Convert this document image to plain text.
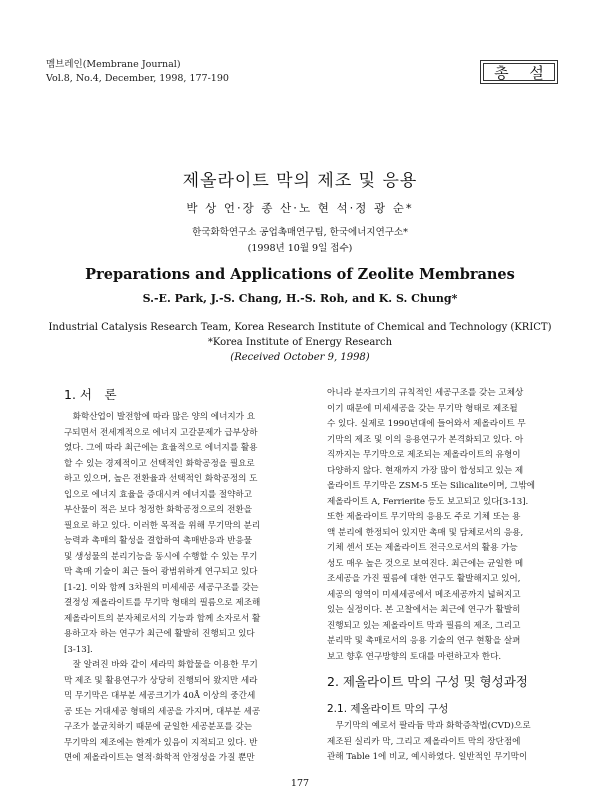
멤브레인(Membrane Journal)
Vol.8, No.4, December, 1998, 177-190	총 설
제올라이트 막의 제조 및 응용
박 상 언·장 종 산·노 현 석·정 광 순*
한국화학연구소 공업촉매연구팀, 한국에너지연구소*
(1998년 10월 9일 접수)
Preparations and Applications of Zeolite Membranes
S.-E. Park, J.-S. Chang, H.-S. Roh, and K. S. Chung*
Industrial Catalysis Research Team, Korea Research Institute of Chemical and Technology (KRICT)
*Korea Institute of Energy Research
(Received October 9, 1998)
1. 서　론

　화학산업이 발전함에 따라 많은 양의 에너지가 요

구되면서 전세계적으로 에너지 고갈문제가 급부상하

였다. 그에 따라 최근에는 효율적으로 에너지를 활용

할 수 있는 경제적이고 선택적인 화학공정을 필요로

하고 있으며, 높은 전환율과 선택적인 화학공정의 도

입으로 에너지 효율을 증대시켜 에너지를 절약하고

부산물이 적은 보다 청정한 화학공정으로의 전환을

필요로 하고 있다. 이러한 목적을 위해 무기막의 분리

능력과 촉매의 활성을 결합하여 촉매반응과 반응물

및 생성물의 분리기능을 동시에 수행할 수 있는 무기

막 촉매 기술이 최근 들어 광범위하게 연구되고 있다

[1-2]. 이와 함께 3차원의 미세세공 세공구조를 갖는

결정성 제올라이트를 무기막 형태의 필름으로 제조해

제올라이트의 분자체로서의 기능과 함께 소자로서 활

용하고자 하는 연구가 최근에 활발히 진행되고 있다

[3-13].

　잘 알려진 바와 같이 세라믹 화합물을 이용한 무기

막 제조 및 활용연구가 상당히 진행되어 왔지만 세라

믹 무기막은 대부분 세공크기가 40Å 이상의 중간세

공 또는 거대세공 형태의 세공을 가지며, 대부분 세공

구조가 불균치하기 때문에 균일한 세공분포를 갖는

무기막의 제조에는 한계가 있음이 지적되고 있다. 반

면에 제올라이트는 열적·화학적 안정성을 가질 뿐만

아니라 분자크기의 규칙적인 세공구조를 갖는 고체상

이기 때문에 미세세공을 갖는 무기막 형태로 제조될

수 있다. 실제로 1990년대에 들어와서 제올라이트 무

기막의 제조 및 이의 응용연구가 본격화되고 있다. 아

직까지는 무기막으로 제조되는 제올라이트의 유형이

다양하지 않다. 현재까지 가장 많이 합성되고 있는 제

올라이트 무기막은 ZSM-5 또는 Silicalite이며, 그밖에

제올라이트 A, Ferrierite 등도 보고되고 있다[3-13].

또한 제올라이트 무기막의 응용도 주로 기체 또는 용

액 분리에 한정되어 있지만 촉매 및 담체로서의 응용,

기체 센서 또는 제올라이트 전극으로서의 활용 가능

성도 매우 높은 것으로 보여진다. 최근에는 균일한 메

조세공을 가진 필름에 대한 연구도 활발해지고 있어,

세공의 영역이 미세세공에서 메조세공까지 넓혀지고

있는 실정이다. 본 고찰에서는 최근에 연구가 활발히

진행되고 있는 제올라이트 막과 필름의 제조, 그리고

분리막 및 촉매로서의 응용 기술의 연구 현황을 살펴

보고 향후 연구방향의 토대를 마련하고자 한다.

2. 제올라이트 막의 구성 및 형성과정
2.1. 제올라이트 막의 구성

　무기막의 예로서 팔라듐 막과 화학증착법(CVD)으로

제조된 실리카 막, 그리고 제올라이트 막의 장단점에

관해 Table 1에 비교, 예시하였다. 일반적인 무기막이

177
